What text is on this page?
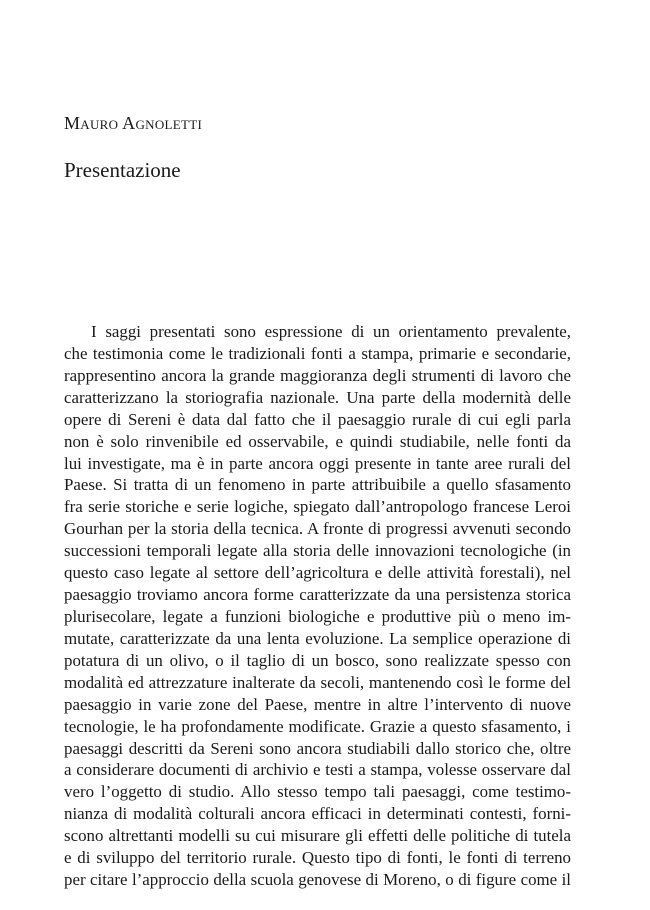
Mauro Agnoletti
Presentazione
I saggi presentati sono espressione di un orientamento prevalente,
che testimonia come le tradizionali fonti a stampa, primarie e secondarie,
rappresentino ancora la grande maggioranza degli strumenti di lavoro che
caratterizzano la storiografia nazionale. Una parte della modernità delle
opere di Sereni è data dal fatto che il paesaggio rurale di cui egli parla
non è solo rinvenibile ed osservabile, e quindi studiabile, nelle fonti da
lui investigate, ma è in parte ancora oggi presente in tante aree rurali del
Paese. Si tratta di un fenomeno in parte attribuibile a quello sfasamento
fra serie storiche e serie logiche, spiegato dall’antropologo francese Leroi
Gourhan per la storia della tecnica. A fronte di progressi avvenuti secondo
successioni temporali legate alla storia delle innovazioni tecnologiche (in
questo caso legate al settore dell’agricoltura e delle attività forestali), nel
paesaggio troviamo ancora forme caratterizzate da una persistenza storica
plurisecolare, legate a funzioni biologiche e produttive più o meno im-
mutate, caratterizzate da una lenta evoluzione. La semplice operazione di
potatura di un olivo, o il taglio di un bosco, sono realizzate spesso con
modalità ed attrezzature inalterate da secoli, mantenendo così le forme del
paesaggio in varie zone del Paese, mentre in altre l’intervento di nuove
tecnologie, le ha profondamente modificate. Grazie a questo sfasamento, i
paesaggi descritti da Sereni sono ancora studiabili dallo storico che, oltre
a considerare documenti di archivio e testi a stampa, volesse osservare dal
vero l’oggetto di studio. Allo stesso tempo tali paesaggi, come testimo-
nianza di modalità colturali ancora efficaci in determinati contesti, forni-
scono altrettanti modelli su cui misurare gli effetti delle politiche di tutela
e di sviluppo del territorio rurale. Questo tipo di fonti, le fonti di terreno
per citare l’approccio della scuola genovese di Moreno, o di figure come il
